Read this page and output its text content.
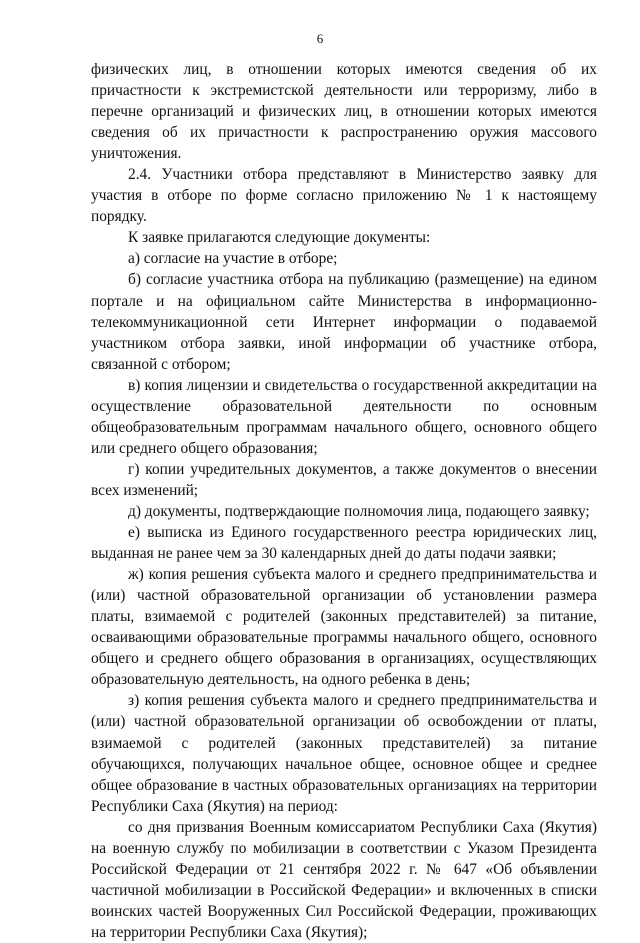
6

физических лиц, в отношении которых имеются сведения об их причастности к экстремистской деятельности или терроризму, либо в перечне организаций и физических лиц, в отношении которых имеются сведения об их причастности к распространению оружия массового уничтожения.

2.4. Участники отбора представляют в Министерство заявку для участия в отборе по форме согласно приложению № 1 к настоящему порядку.

К заявке прилагаются следующие документы:

а) согласие на участие в отборе;

б) согласие участника отбора на публикацию (размещение) на едином портале и на официальном сайте Министерства в информационно-телекоммуникационной сети Интернет информации о подаваемой участником отбора заявки, иной информации об участнике отбора, связанной с отбором;

в) копия лицензии и свидетельства о государственной аккредитации на осуществление образовательной деятельности по основным общеобразовательным программам начального общего, основного общего или среднего общего образования;

г) копии учредительных документов, а также документов о внесении всех изменений;

д) документы, подтверждающие полномочия лица, подающего заявку;

е) выписка из Единого государственного реестра юридических лиц, выданная не ранее чем за 30 календарных дней до даты подачи заявки;

ж) копия решения субъекта малого и среднего предпринимательства и (или) частной образовательной организации об установлении размера платы, взимаемой с родителей (законных представителей) за питание, осваивающими образовательные программы начального общего, основного общего и среднего общего образования в организациях, осуществляющих образовательную деятельность, на одного ребенка в день;

з) копия решения субъекта малого и среднего предпринимательства и (или) частной образовательной организации об освобождении от платы, взимаемой с родителей (законных представителей) за питание обучающихся, получающих начальное общее, основное общее и среднее общее образование в частных образовательных организациях на территории Республики Саха (Якутия) на период:

со дня призвания Военным комиссариатом Республики Саха (Якутия) на военную службу по мобилизации в соответствии с Указом Президента Российской Федерации от 21 сентября 2022 г. № 647 «Об объявлении частичной мобилизации в Российской Федерации» и включенных в списки воинских частей Вооруженных Сил Российской Федерации, проживающих на территории Республики Саха (Якутия);
